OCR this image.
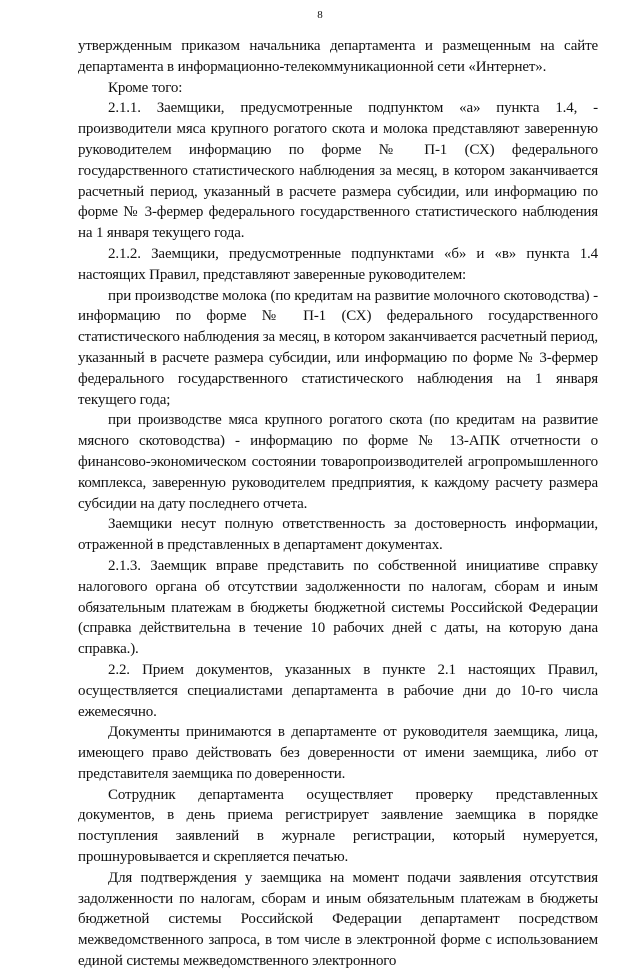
8

утвержденным приказом начальника департамента и размещенным на сайте департамента в информационно-телекоммуникационной сети «Интернет».

Кроме того:

2.1.1. Заемщики, предусмотренные подпунктом «а» пункта 1.4, - производители мяса крупного рогатого скота и молока представляют заверенную руководителем информацию по форме № П-1 (СХ) федерального государственного статистического наблюдения за месяц, в котором заканчивается расчетный период, указанный в расчете размера субсидии, или информацию по форме № 3-фермер федерального государственного статистического наблюдения на 1 января текущего года.

2.1.2. Заемщики, предусмотренные подпунктами «б» и «в» пункта 1.4 настоящих Правил, представляют заверенные руководителем:

при производстве молока (по кредитам на развитие молочного скотоводства) - информацию по форме № П-1 (СХ) федерального государственного статистического наблюдения за месяц, в котором заканчивается расчетный период, указанный в расчете размера субсидии, или информацию по форме № 3-фермер федерального государственного статистического наблюдения на 1 января текущего года;

при производстве мяса крупного рогатого скота (по кредитам на развитие мясного скотоводства) - информацию по форме № 13-АПК отчетности о финансово-экономическом состоянии товаропроизводителей агропромышленного комплекса, заверенную руководителем предприятия, к каждому расчету размера субсидии на дату последнего отчета.

Заемщики несут полную ответственность за достоверность информации, отраженной в представленных в департамент документах.

2.1.3. Заемщик вправе представить по собственной инициативе справку налогового органа об отсутствии задолженности по налогам, сборам и иным обязательным платежам в бюджеты бюджетной системы Российской Федерации (справка действительна в течение 10 рабочих дней с даты, на которую дана справка.).

2.2. Прием документов, указанных в пункте 2.1 настоящих Правил, осуществляется специалистами департамента в рабочие дни до 10-го числа ежемесячно.

Документы принимаются в департаменте от руководителя заемщика, лица, имеющего право действовать без доверенности от имени заемщика, либо от представителя заемщика по доверенности.

Сотрудник департамента осуществляет проверку представленных документов, в день приема регистрирует заявление заемщика в порядке поступления заявлений в журнале регистрации, который нумеруется, прошнуровывается и скрепляется печатью.

Для подтверждения у заемщика на момент подачи заявления отсутствия задолженности по налогам, сборам и иным обязательным платежам в бюджеты бюджетной системы Российской Федерации департамент посредством межведомственного запроса, в том числе в электронной форме с использованием единой системы межведомственного электронного
